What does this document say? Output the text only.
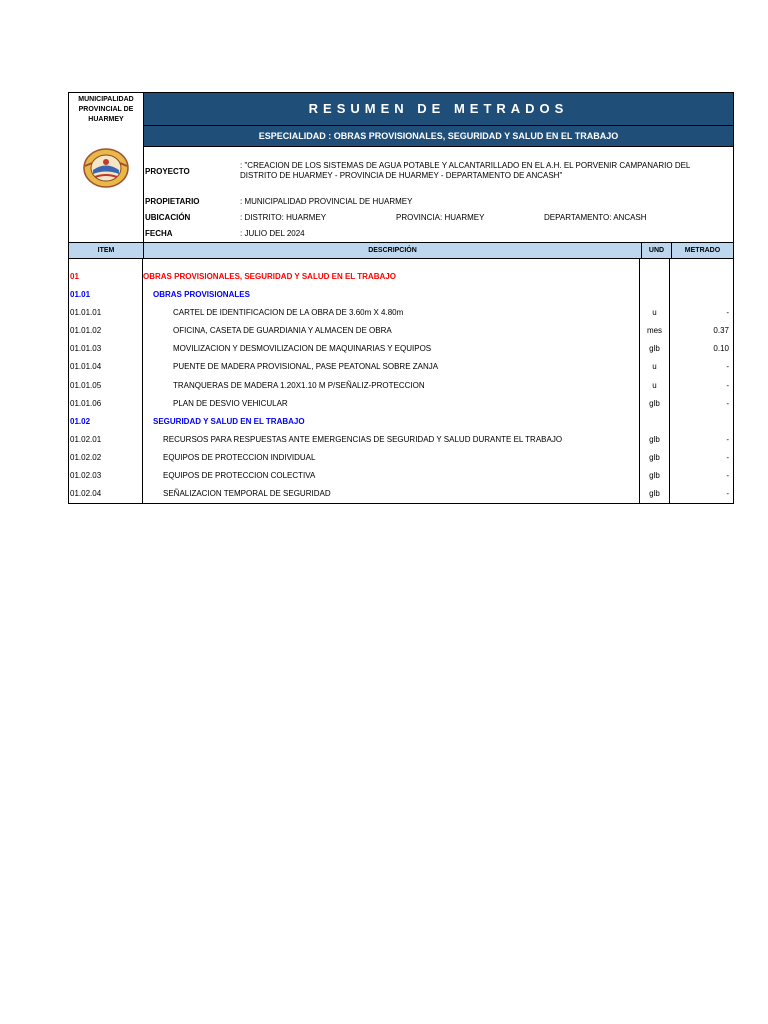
MUNICIPALIDAD PROVINCIAL DE HUARMEY
RESUMEN DE METRADOS
ESPECIALIDAD : OBRAS PROVISIONALES, SEGURIDAD Y SALUD EN EL TRABAJO
PROYECTO
: "CREACION DE LOS SISTEMAS DE AGUA POTABLE Y ALCANTARILLADO EN EL A.H. EL PORVENIR CAMPANARIO DEL DISTRITO DE HUARMEY - PROVINCIA DE HUARMEY - DEPARTAMENTO DE ANCASH"
PROPIETARIO	: MUNICIPALIDAD PROVINCIAL DE HUARMEY
UBICACIÓN	: DISTRITO: HUARMEY	PROVINCIA: HUARMEY	DEPARTAMENTO: ANCASH
FECHA	: JULIO DEL 2024
ITEM	DESCRIPCIÓN	UND	METRADO
01	OBRAS PROVISIONALES, SEGURIDAD Y SALUD EN EL TRABAJO
01.01	OBRAS PROVISIONALES
01.01.01	CARTEL DE IDENTIFICACION DE LA OBRA DE 3.60m X 4.80m	u	-
01.01.02	OFICINA, CASETA DE GUARDIANIA Y ALMACEN DE OBRA	mes	0.37
01.01.03	MOVILIZACION Y DESMOVILIZACION DE MAQUINARIAS Y EQUIPOS	glb	0.10
01.01.04	PUENTE DE MADERA PROVISIONAL, PASE PEATONAL SOBRE ZANJA	u	-
01.01.05	TRANQUERAS DE MADERA 1.20X1.10 M P/SEÑALIZ-PROTECCION	u	-
01.01.06	PLAN DE DESVIO VEHICULAR	glb	-
01.02	SEGURIDAD Y SALUD EN EL TRABAJO
01.02.01	RECURSOS PARA RESPUESTAS ANTE EMERGENCIAS DE SEGURIDAD Y SALUD DURANTE EL TRABAJO	glb	-
01.02.02	EQUIPOS DE PROTECCION INDIVIDUAL	glb	-
01.02.03	EQUIPOS DE PROTECCION COLECTIVA	glb	-
01.02.04	SEÑALIZACION TEMPORAL DE SEGURIDAD	glb	-
